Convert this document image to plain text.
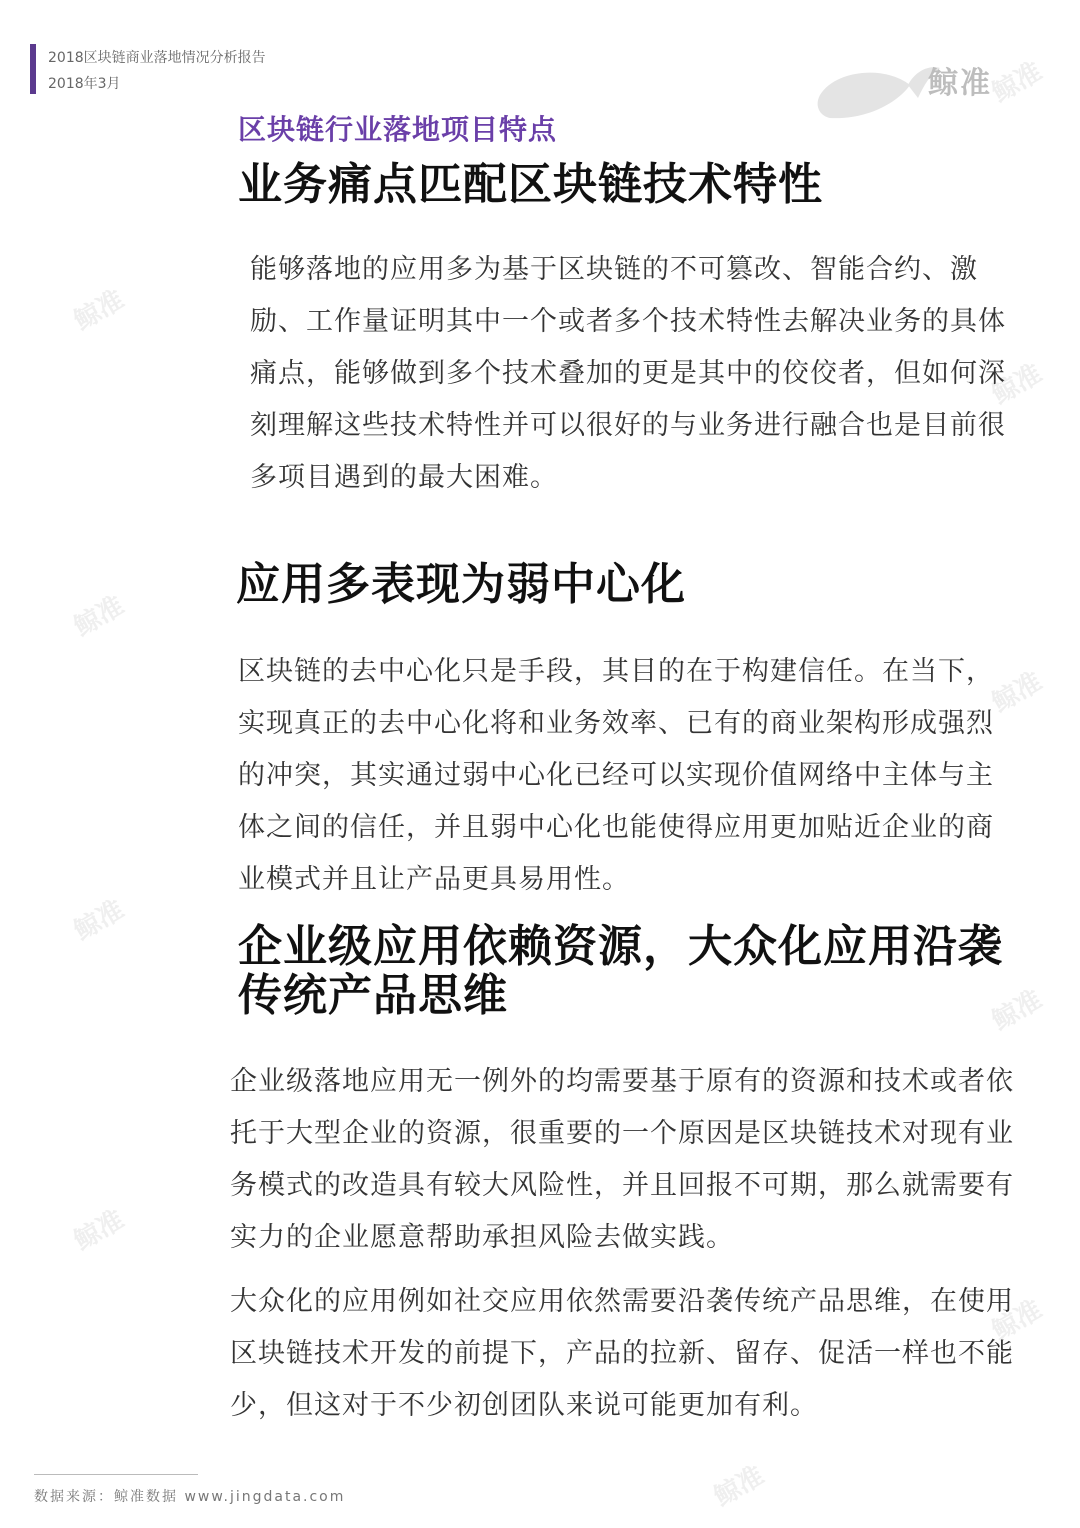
2018区块链商业落地情况分析报告
2018年3月	鲸准
鲸准
鲸准
鲸准
鲸准
鲸准
鲸准
鲸准
鲸准
鲸准
鲸准
区块链行业落地项目特点
业务痛点匹配区块链技术特性

能够落地的应用多为基于区块链的不可篡改、智能合约、激励、工作量证明其中一个或者多个技术特性去解决业务的具体痛点，能够做到多个技术叠加的更是其中的佼佼者，但如何深刻理解这些技术特性并可以很好的与业务进行融合也是目前很多项目遇到的最大困难。

应用多表现为弱中心化

区块链的去中心化只是手段，其目的在于构建信任。在当下，实现真正的去中心化将和业务效率、已有的商业架构形成强烈的冲突，其实通过弱中心化已经可以实现价值网络中主体与主体之间的信任，并且弱中心化也能使得应用更加贴近企业的商业模式并且让产品更具易用性。

企业级应用依赖资源，大众化应用沿袭传统产品思维

企业级落地应用无一例外的均需要基于原有的资源和技术或者依托于大型企业的资源，很重要的一个原因是区块链技术对现有业务模式的改造具有较大风险性，并且回报不可期，那么就需要有实力的企业愿意帮助承担风险去做实践。

大众化的应用例如社交应用依然需要沿袭传统产品思维，在使用区块链技术开发的前提下，产品的拉新、留存、促活一样也不能少，但这对于不少初创团队来说可能更加有利。

数据来源：鲸准数据 www.jingdata.com
